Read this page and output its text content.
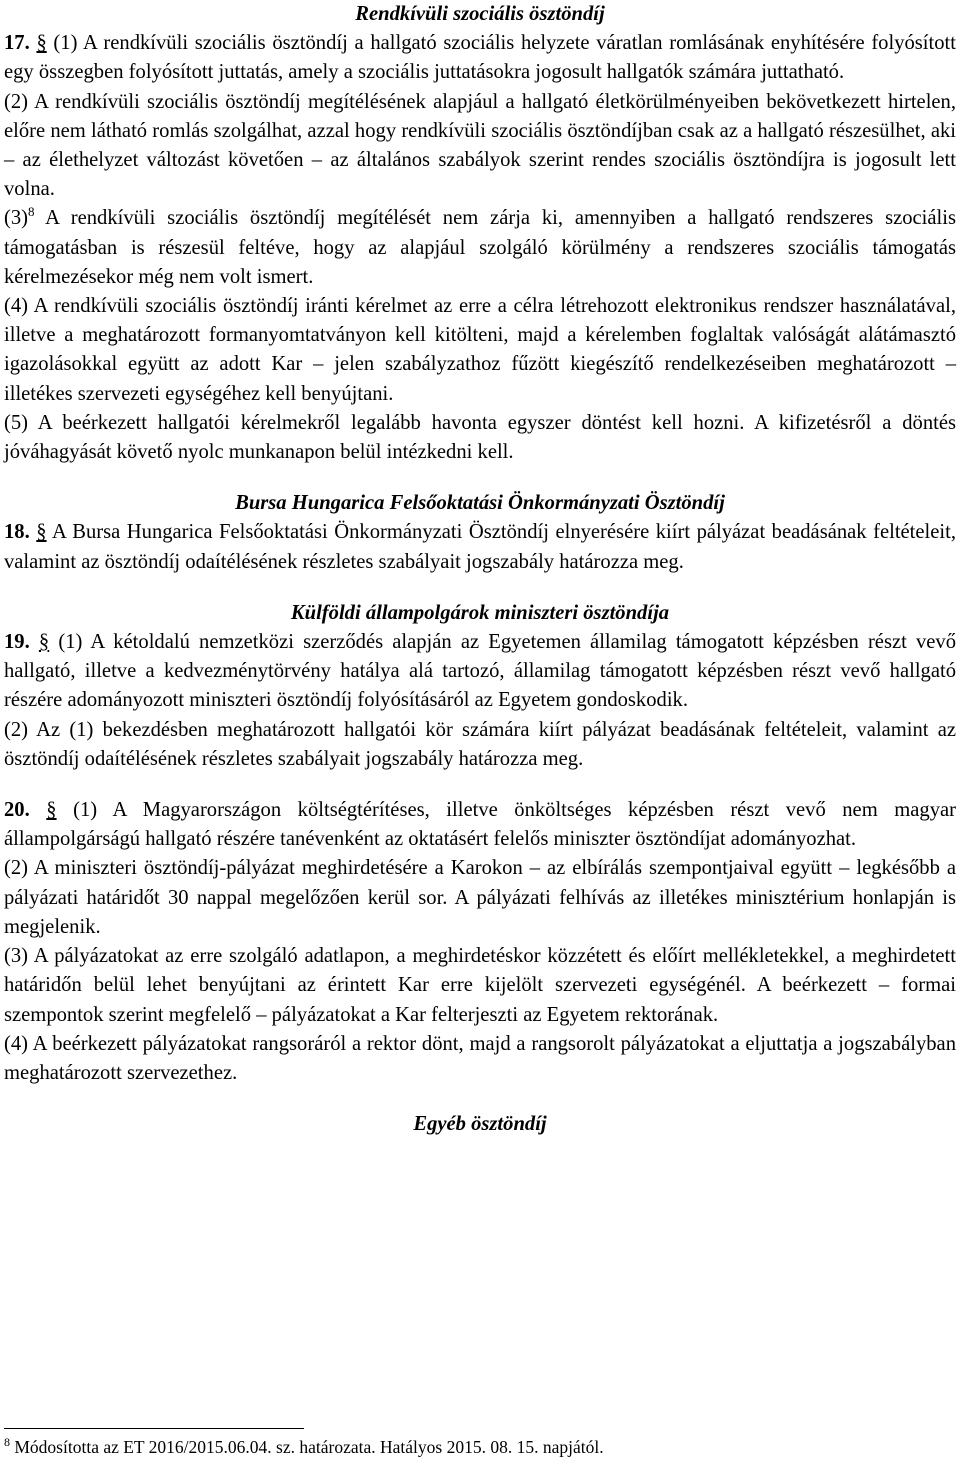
Rendkívüli szociális ösztöndíj

17. § (1) A rendkívüli szociális ösztöndíj a hallgató szociális helyzete váratlan romlásának enyhítésére folyósított egy összegben folyósított juttatás, amely a szociális juttatásokra jogosult hallgatók számára juttatható.

(2) A rendkívüli szociális ösztöndíj megítélésének alapjául a hallgató életkörülményeiben bekövetkezett hirtelen, előre nem látható romlás szolgálhat, azzal hogy rendkívüli szociális ösztöndíjban csak az a hallgató részesülhet, aki – az élethelyzet változást követően – az általános szabályok szerint rendes szociális ösztöndíjra is jogosult lett volna.

$(3)^8$ A rendkívüli szociális ösztöndíj megítélését nem zárja ki, amennyiben a hallgató rendszeres szociális támogatásban is részesül feltéve, hogy az alapjául szolgáló körülmény a rendszeres szociális támogatás kérelmezésekor még nem volt ismert.

(4) A rendkívüli szociális ösztöndíj iránti kérelmet az erre a célra létrehozott elektronikus rendszer használatával, illetve a meghatározott formanyomtatványon kell kitölteni, majd a kérelemben foglaltak valóságát alátámasztó igazolásokkal együtt az adott Kar – jelen szabályzathoz fűzött kiegészítő rendelkezéseiben meghatározott – illetékes szervezeti egységéhez kell benyújtani.

(5) A beérkezett hallgatói kérelmekről legalább havonta egyszer döntést kell hozni. A kifizetésről a döntés jóváhagyását követő nyolc munkanapon belül intézkedni kell.

Bursa Hungarica Felsőoktatási Önkormányzati Ösztöndíj

18. § A Bursa Hungarica Felsőoktatási Önkormányzati Ösztöndíj elnyerésére kiírt pályázat beadásának feltételeit, valamint az ösztöndíj odaítélésének részletes szabályait jogszabály határozza meg.

Külföldi állampolgárok miniszteri ösztöndíja

19. § (1) A kétoldalú nemzetközi szerződés alapján az Egyetemen államilag támogatott képzésben részt vevő hallgató, illetve a kedvezménytörvény hatálya alá tartozó, államilag támogatott képzésben részt vevő hallgató részére adományozott miniszteri ösztöndíj folyósításáról az Egyetem gondoskodik.

(2) Az (1) bekezdésben meghatározott hallgatói kör számára kiírt pályázat beadásának feltételeit, valamint az ösztöndíj odaítélésének részletes szabályait jogszabály határozza meg.

20. § (1) A Magyarországon költségtérítéses, illetve önköltséges képzésben részt vevő nem magyar állampolgárságú hallgató részére tanévenként az oktatásért felelős miniszter ösztöndíjat adományozhat.

(2) A miniszteri ösztöndíj-pályázat meghirdetésére a Karokon – az elbírálás szempontjaival együtt – legkésőbb a pályázati határidőt 30 nappal megelőzően kerül sor. A pályázati felhívás az illetékes minisztérium honlapján is megjelenik.

(3) A pályázatokat az erre szolgáló adatlapon, a meghirdetéskor közzétett és előírt mellékletekkel, a meghirdetett határidőn belül lehet benyújtani az érintett Kar erre kijelölt szervezeti egységénél. A beérkezett – formai szempontok szerint megfelelő – pályázatokat a Kar felterjeszti az Egyetem rektorának.

(4) A beérkezett pályázatokat rangsoráról a rektor dönt, majd a rangsorolt pályázatokat a eljuttatja a jogszabályban meghatározott szervezethez.

Egyéb ösztöndíj

$^8$ Módosította az ET 2016/2015.06.04. sz. határozata. Hatályos 2015. 08. 15. napjától.
